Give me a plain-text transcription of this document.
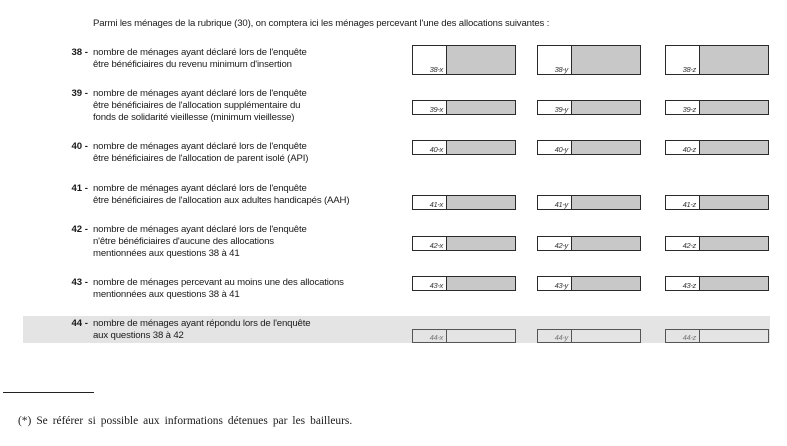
Parmi les ménages de la rubrique (30), on comptera ici les ménages percevant l'une des allocations suivantes :
38 - nombre de ménages ayant déclaré lors de l'enquête
être bénéficiaires du revenu minimum d'insertion	38-x	38-y	38-z
39 - nombre de ménages ayant déclaré lors de l'enquête
être bénéficiaires de l'allocation supplémentaire du
fonds de solidarité vieillesse (minimum vieillesse)
39-x	39-y	39-z
40 - nombre de ménages ayant déclaré lors de l'enquête
être bénéficiaires de l'allocation de parent isolé (API)
40-x	40-y	40-z
41 - nombre de ménages ayant déclaré lors de l'enquête
être bénéficiaires de l'allocation aux adultes handicapés (AAH)	41-x	41-y	41-z
42 - nombre de ménages ayant déclaré lors de l'enquête
n'être bénéficiaires d'aucune des allocations
mentionnées aux questions 38 à 41
42-x	42-y	42-z
43 - nombre de ménages percevant au moins une des allocations
mentionnées aux questions 38 à 41
43-x	43-y	43-z
44 - nombre de ménages ayant répondu lors de l'enquête
aux questions 38 à 42	44-x	44-y	44-z
(*) Se référer si possible aux informations détenues par les bailleurs.
